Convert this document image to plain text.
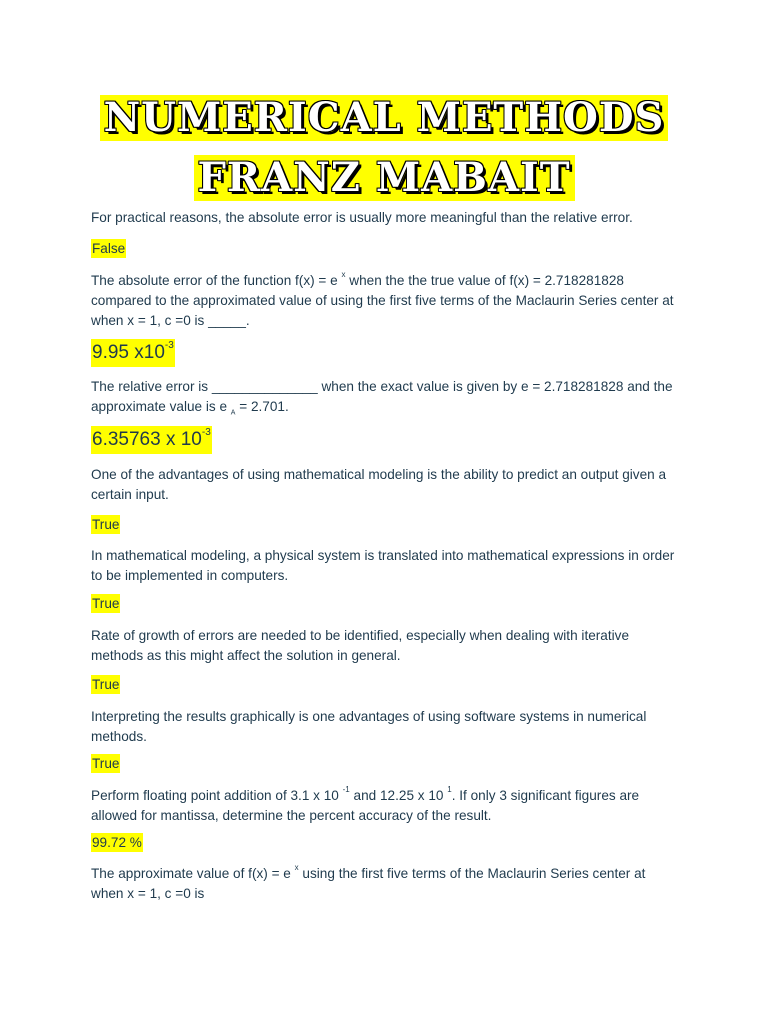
NUMERICAL METHODS
FRANZ MABAIT

For practical reasons, the absolute error is usually more meaningful than the relative error.

False

The absolute error of the function f(x) = e $^x$ when the the true value of f(x) = 2.718281828 compared to the approximated value of using the first five terms of the Maclaurin Series center at when x = 1, c =0 is _____.

9.95 $x10^{-3}$

The relative error is ______________ when the exact value is given by e = 2.718281828 and the approximate value is e $_A$ = 2.701.

6.35763 x $10^{-3}$

One of the advantages of using mathematical modeling is the ability to predict an output given a certain input.

True

In mathematical modeling, a physical system is translated into mathematical expressions in order to be implemented in computers.

True

Rate of growth of errors are needed to be identified, especially when dealing with iterative methods as this might affect the solution in general.

True

Interpreting the results graphically is one advantages of using software systems in numerical methods.

True

Perform floating point addition of 3.1 x 10 $^{-1}$ and 12.25 x 10 $^1$. If only 3 significant figures are allowed for mantissa, determine the percent accuracy of the result.

99.72 %

The approximate value of f(x) = e $^x$ using the first five terms of the Maclaurin Series center at when x = 1, c =0 is
